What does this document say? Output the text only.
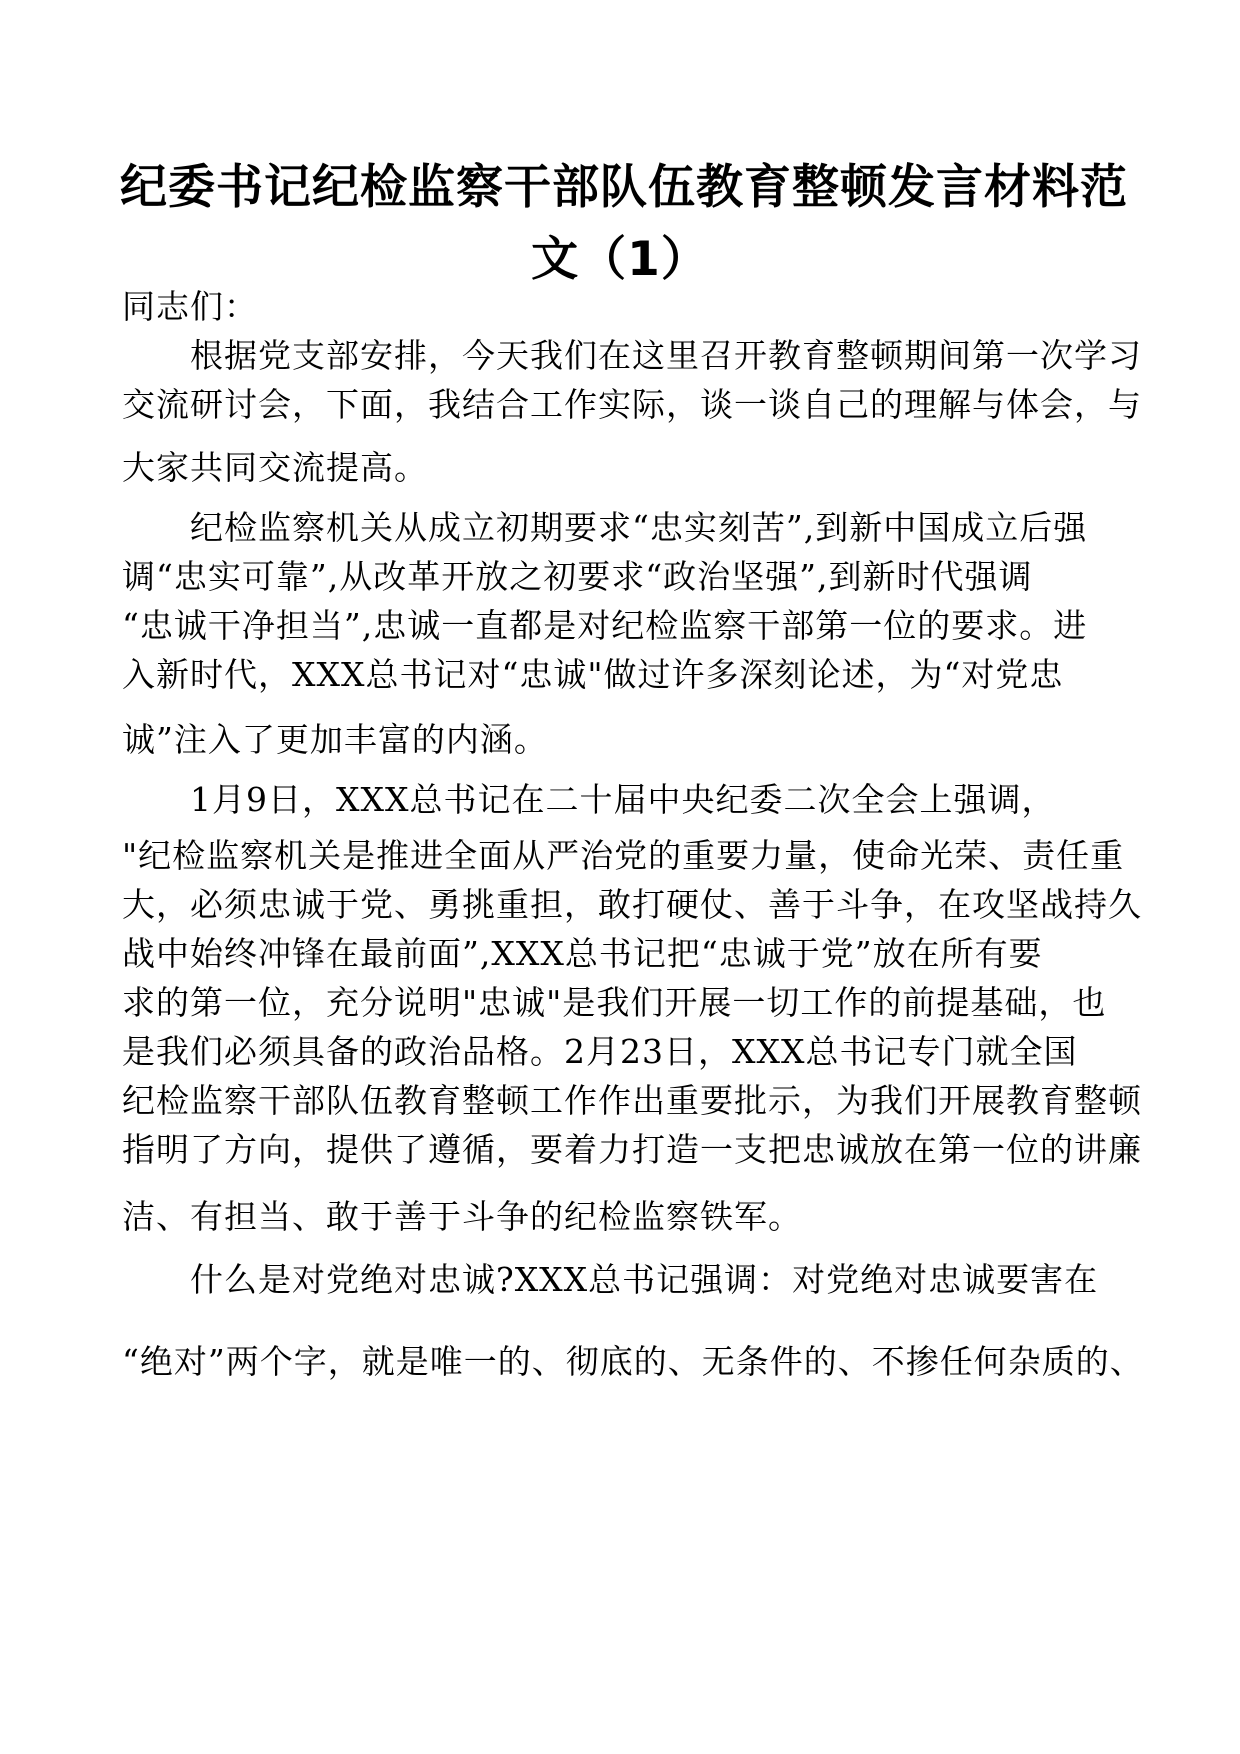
纪委书记纪检监察干部队伍教育整顿发言材料范
文（1）

同志们：

　　根据党支部安排，今天我们在这里召开教育整顿期间第一次学习

交流研讨会，下面，我结合工作实际，谈一谈自己的理解与体会，与

大家共同交流提高。

　　纪检监察机关从成立初期要求“忠实刻苦”,到新中国成立后强

调“忠实可靠”,从改革开放之初要求“政治坚强”,到新时代强调

“忠诚干净担当”,忠诚一直都是对纪检监察干部第一位的要求。进

入新时代，XXX总书记对“忠诚"做过许多深刻论述，为“对党忠

诚”注入了更加丰富的内涵。

　　1月9日，XXX总书记在二十届中央纪委二次全会上强调，

"纪检监察机关是推进全面从严治党的重要力量，使命光荣、责任重

大，必须忠诚于党、勇挑重担，敢打硬仗、善于斗争，在攻坚战持久

战中始终冲锋在最前面”,XXX总书记把“忠诚于党”放在所有要

求的第一位，充分说明"忠诚"是我们开展一切工作的前提基础，也

是我们必须具备的政治品格。2月23日，XXX总书记专门就全国

纪检监察干部队伍教育整顿工作作出重要批示，为我们开展教育整顿

指明了方向，提供了遵循，要着力打造一支把忠诚放在第一位的讲廉

洁、有担当、敢于善于斗争的纪检监察铁军。

　　什么是对党绝对忠诚?XXX总书记强调：对党绝对忠诚要害在

“绝对”两个字，就是唯一的、彻底的、无条件的、不掺任何杂质的、
